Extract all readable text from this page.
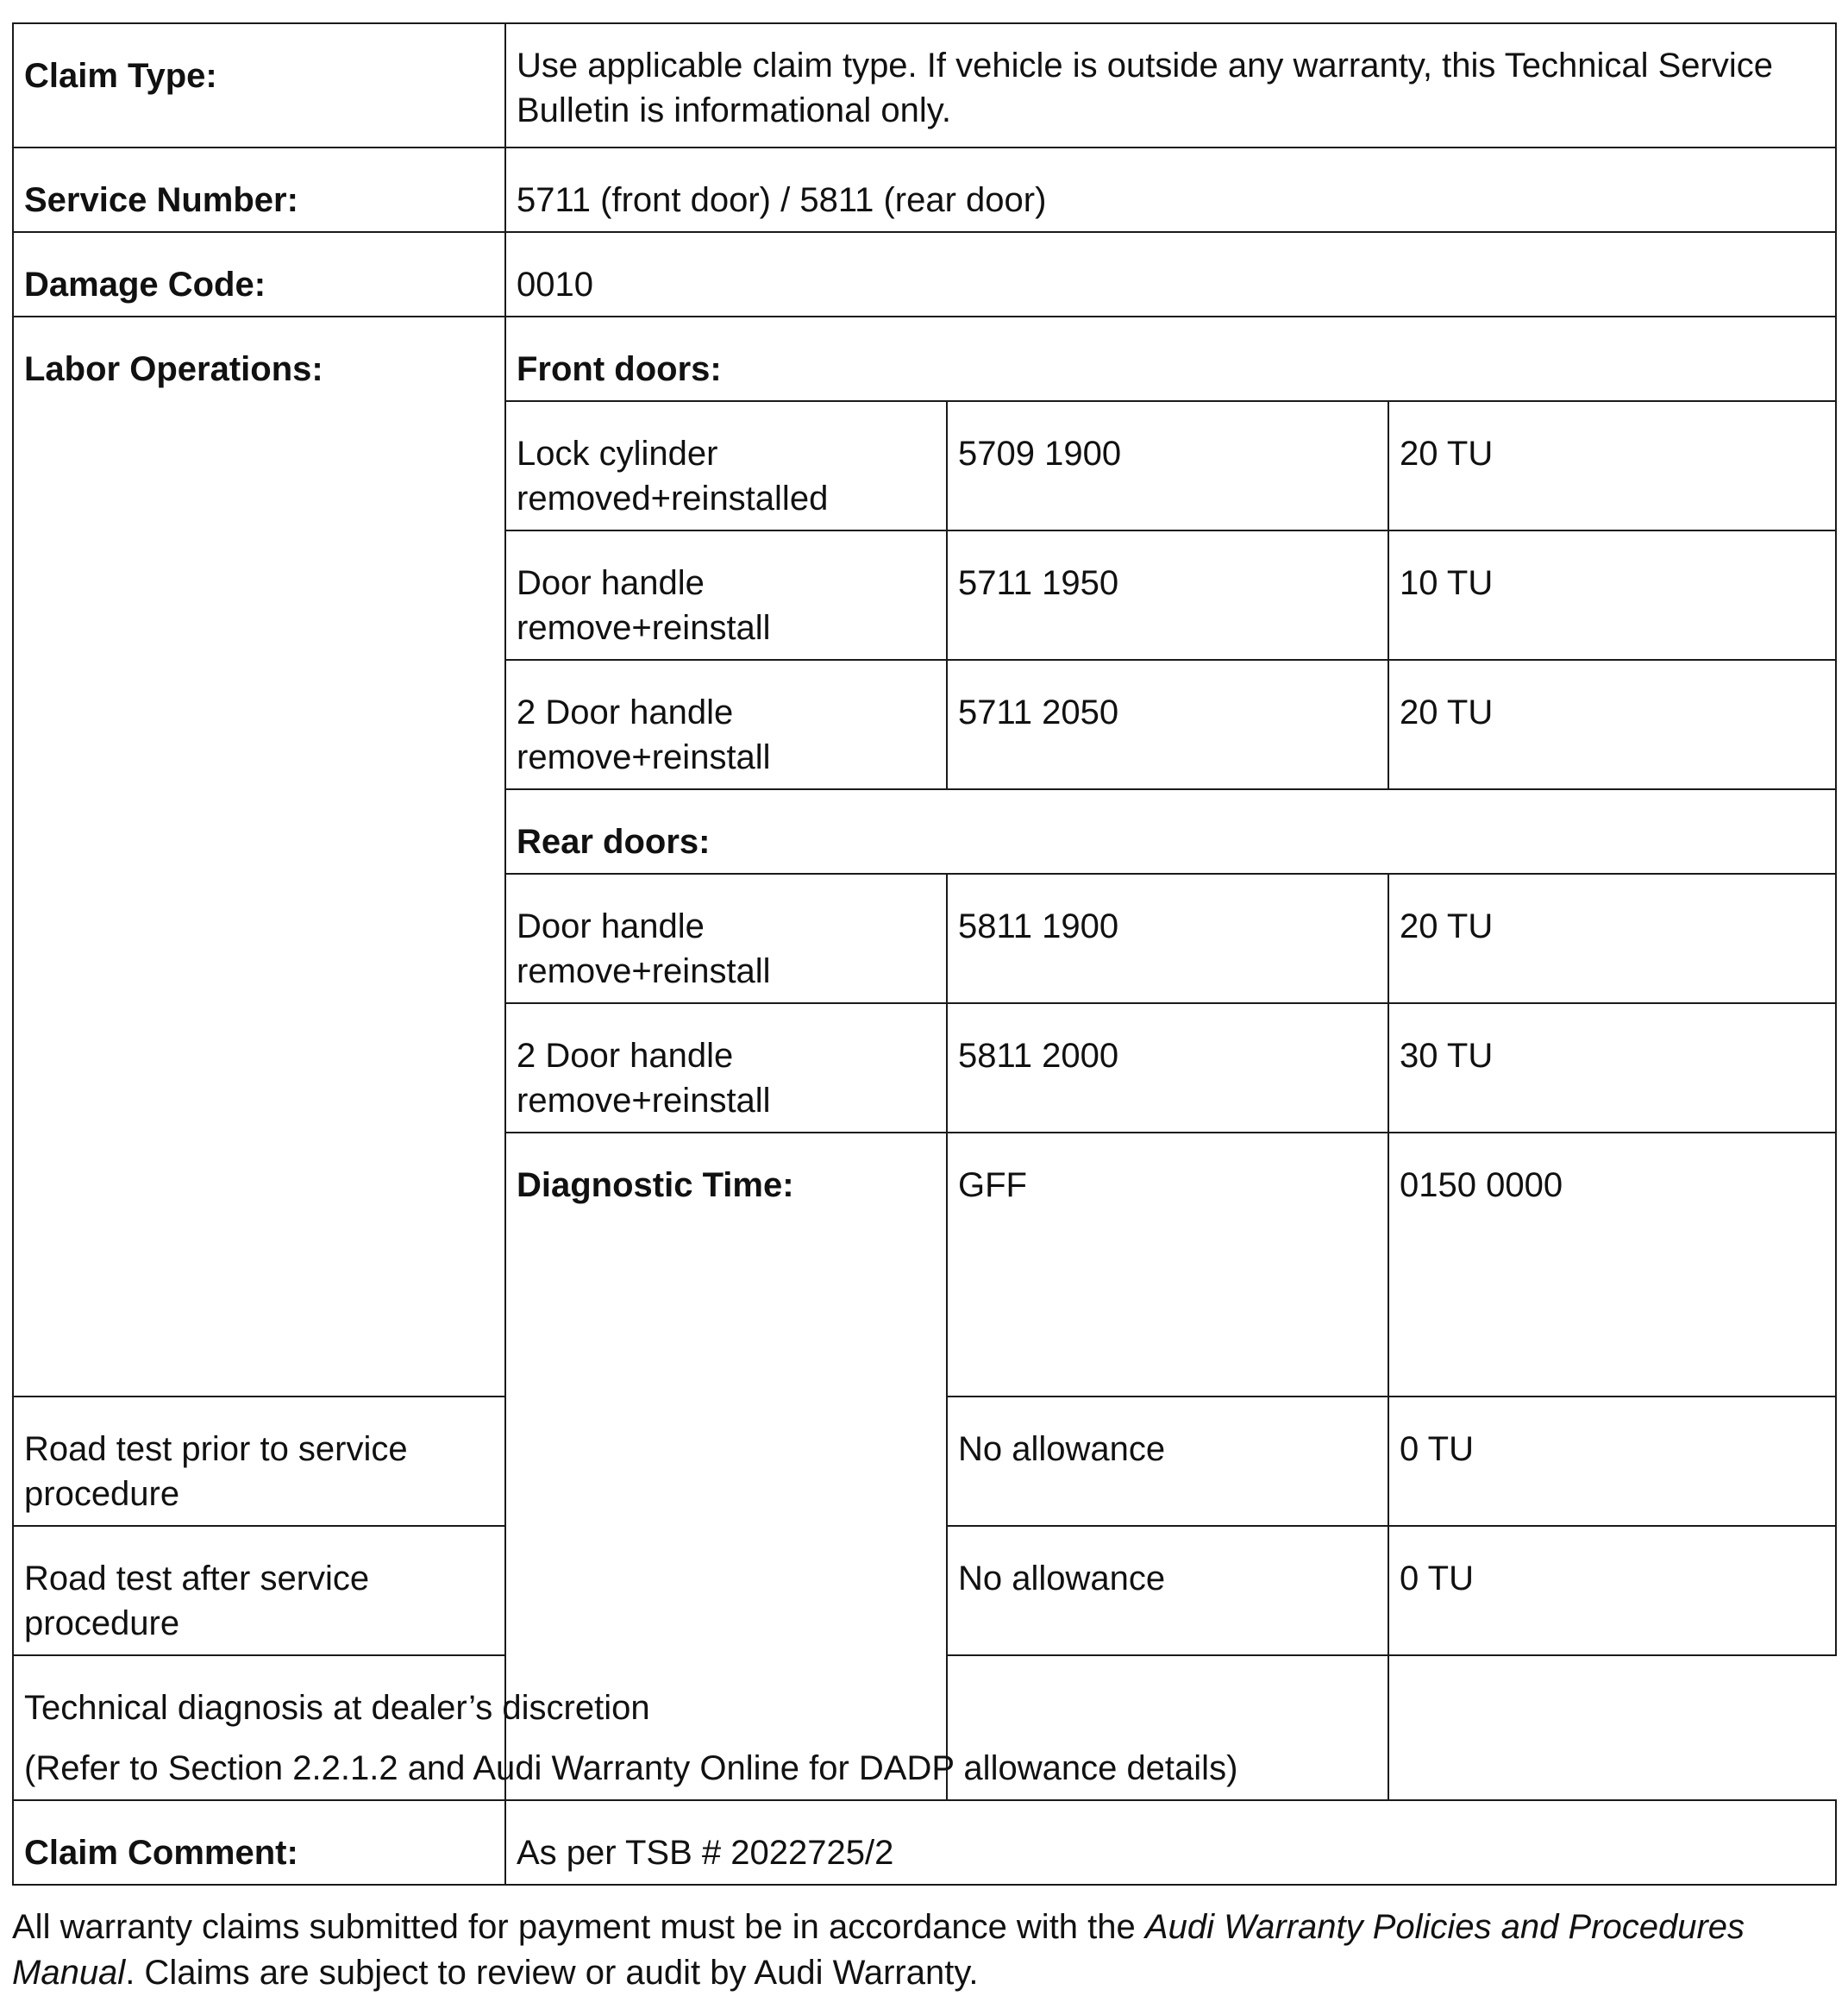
Claim Type:	Use applicable claim type. If vehicle is outside any warranty, this Technical Service Bulletin is informational only.			
Service Number:	5711 (front door) / 5811 (rear door)			
Damage Code:	0010			
Labor Operations:	Front doors:			
	Lock cylinder removed+reinstalled	5709 1900	20 TU	
	Door handle remove+reinstall	5711 1950	10 TU	
	2 Door handle remove+reinstall	5711 2050	20 TU	
	Rear doors:			
	Door handle remove+reinstall	5811 1900	20 TU	
	2 Door handle remove+reinstall	5811 2000	30 TU	
	Diagnostic Time:	GFF	0150 0000	
Road test prior to service procedure		No allowance	0 TU	
Road test after service procedure		No allowance	0 TU	

Technical diagnosis at dealer’s discretion

(Refer to Section 2.2.1.2 and Audi Warranty Online for DADP allowance details)				

Claim Comment:	As per TSB # 2022725/2			
All warranty claims submitted for payment must be in accordance with the Audi Warranty Policies and Procedures Manual. Claims are subject to review or audit by Audi Warranty.
